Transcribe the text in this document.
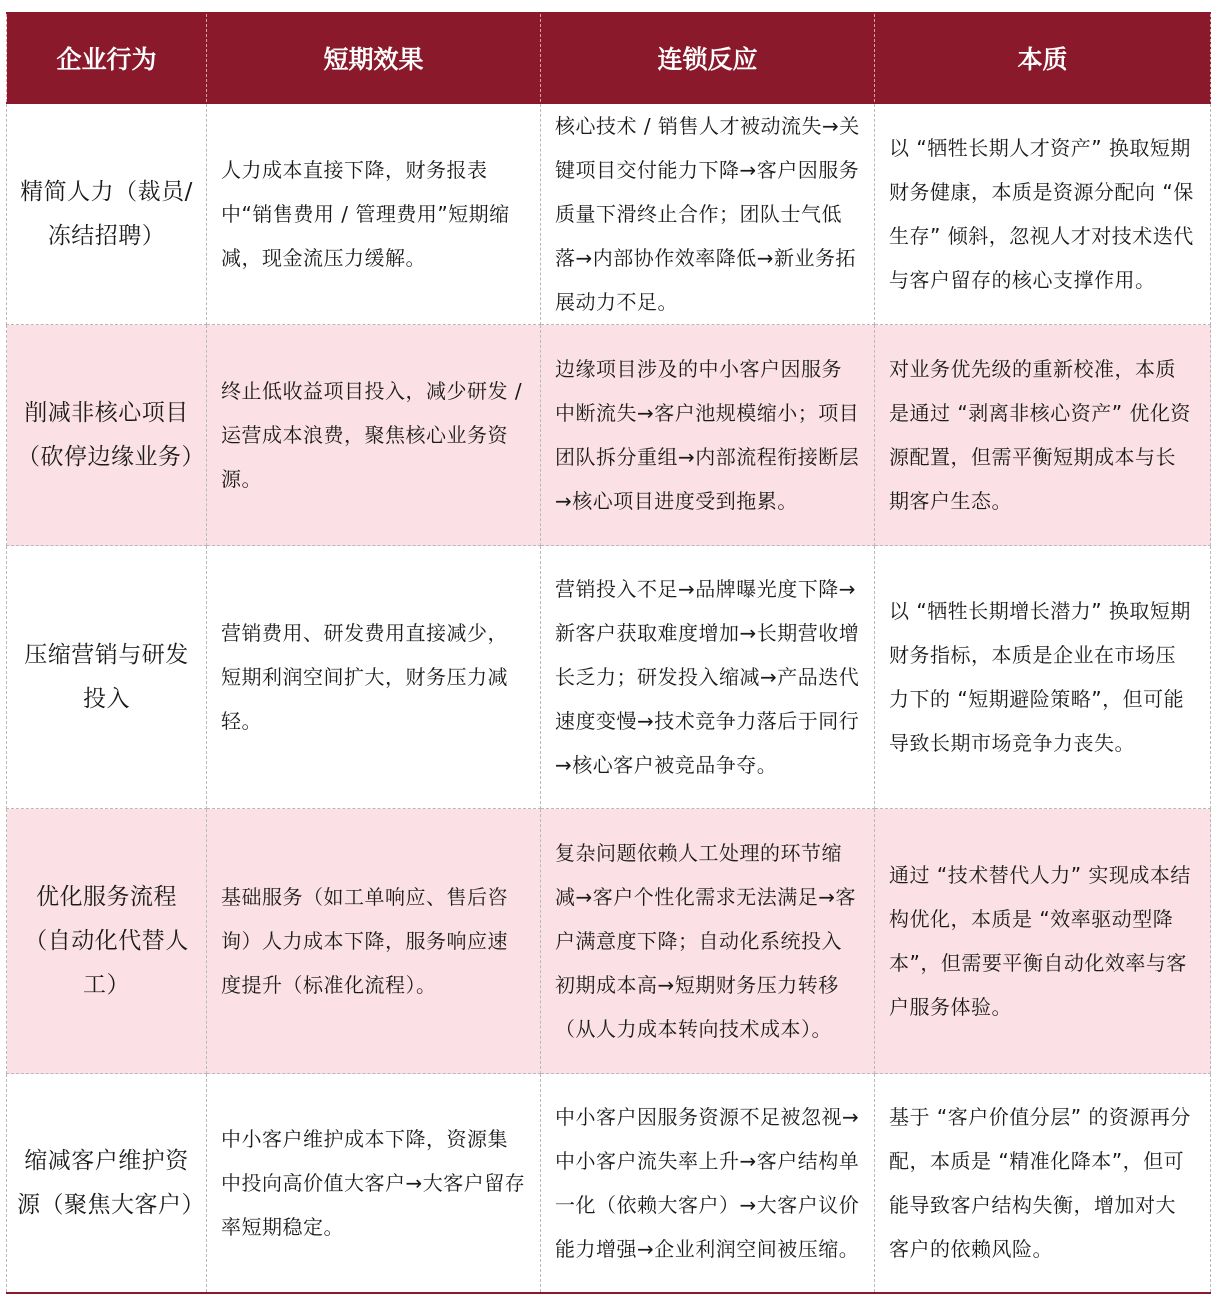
企业行为	短期效果	连锁反应	本质
精简人力（裁员/冻结招聘）	人力成本直接下降，财务报表中“销售费用 / 管理费用”短期缩减，现金流压力缓解。	核心技术 / 销售人才被动流失→关键项目交付能力下降→客户因服务质量下滑终止合作；团队士气低落→内部协作效率降低→新业务拓展动力不足。	以 “牺牲长期人才资产” 换取短期财务健康，本质是资源分配向 “保生存” 倾斜，忽视人才对技术迭代与客户留存的核心支撑作用。
削减非核心项目（砍停边缘业务）	终止低收益项目投入，减少研发 / 运营成本浪费，聚焦核心业务资源。	边缘项目涉及的中小客户因服务中断流失→客户池规模缩小；项目团队拆分重组→内部流程衔接断层→核心项目进度受到拖累。	对业务优先级的重新校准，本质是通过 “剥离非核心资产” 优化资源配置，但需平衡短期成本与长期客户生态。
压缩营销与研发投入	营销费用、研发费用直接减少，短期利润空间扩大，财务压力减轻。	营销投入不足→品牌曝光度下降→新客户获取难度增加→长期营收增长乏力；研发投入缩减→产品迭代速度变慢→技术竞争力落后于同行→核心客户被竞品争夺。	以 “牺牲长期增长潜力” 换取短期财务指标，本质是企业在市场压力下的 “短期避险策略”，但可能导致长期市场竞争力丧失。
优化服务流程（自动化代替人工）	基础服务（如工单响应、售后咨询）人力成本下降，服务响应速度提升（标准化流程）。	复杂问题依赖人工处理的环节缩减→客户个性化需求无法满足→客户满意度下降；自动化系统投入初期成本高→短期财务压力转移（从人力成本转向技术成本）。	通过 “技术替代人力” 实现成本结构优化，本质是 “效率驱动型降本”，但需要平衡自动化效率与客户服务体验。
缩减客户维护资源（聚焦大客户）	中小客户维护成本下降，资源集中投向高价值大客户→大客户留存率短期稳定。	中小客户因服务资源不足被忽视→中小客户流失率上升→客户结构单一化（依赖大客户）→大客户议价能力增强→企业利润空间被压缩。	基于 “客户价值分层” 的资源再分配，本质是 “精准化降本”，但可能导致客户结构失衡，增加对大客户的依赖风险。
